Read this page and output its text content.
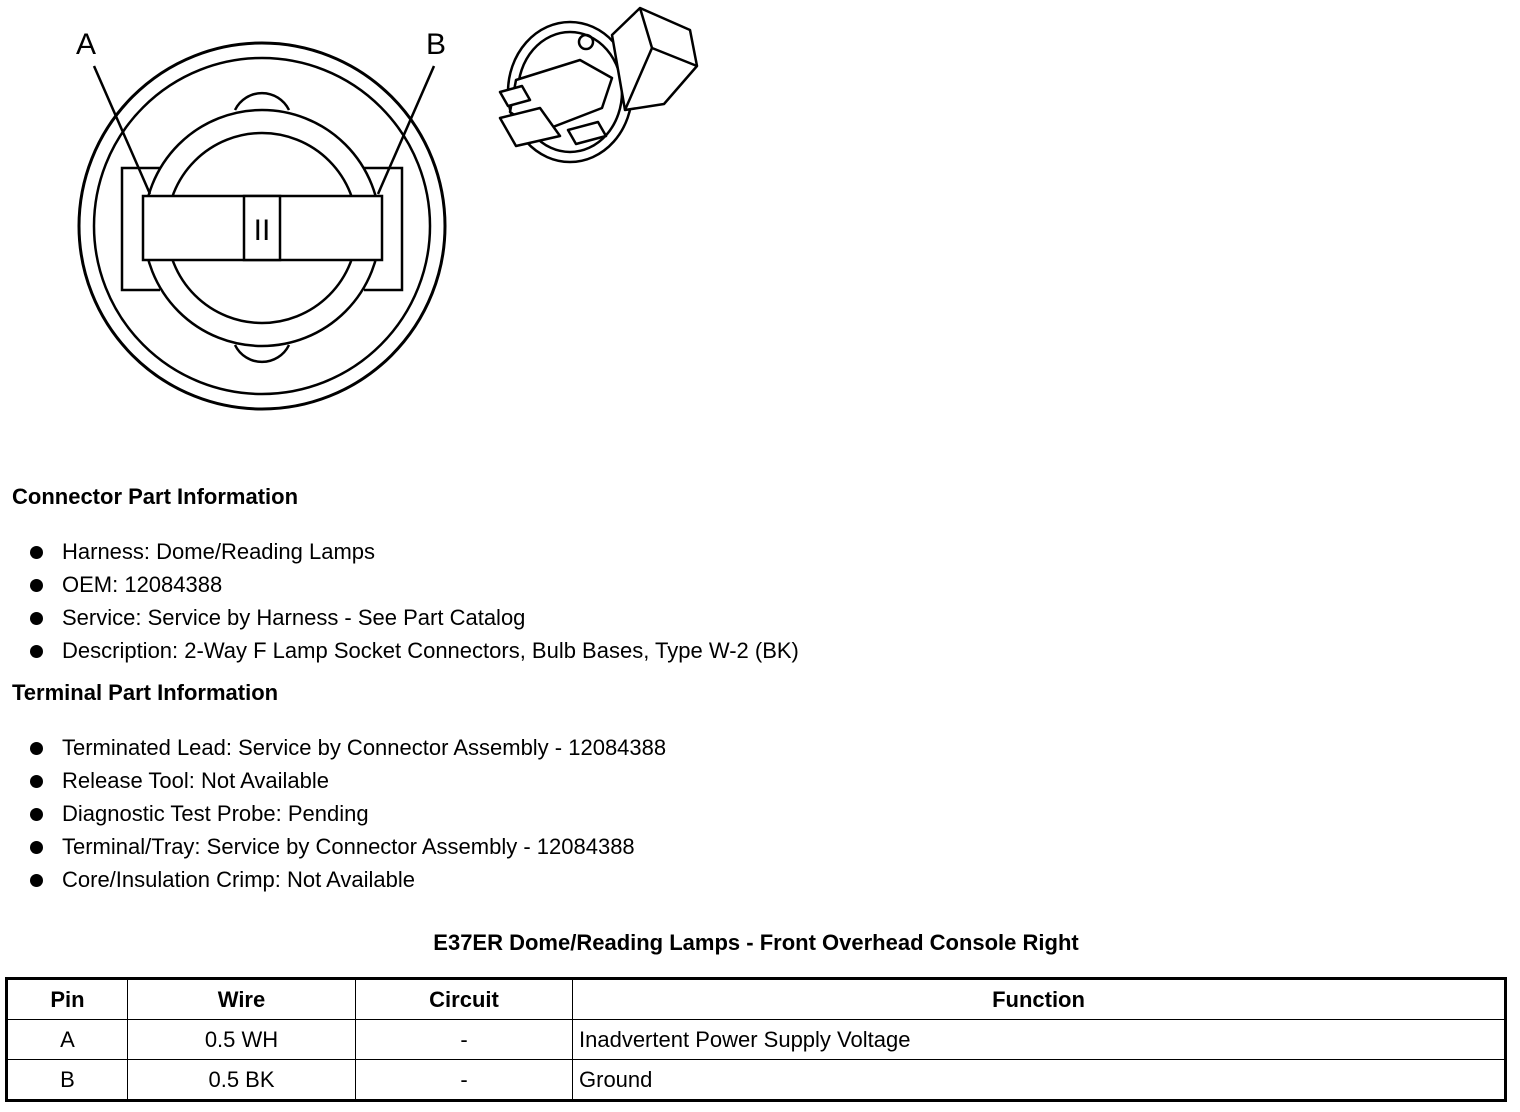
II
A	B
Connector Part Information
Harness: Dome/Reading Lamps
OEM: 12084388
Service: Service by Harness - See Part Catalog
Description: 2-Way F Lamp Socket Connectors, Bulb Bases, Type W-2 (BK)
Terminal Part Information
Terminated Lead: Service by Connector Assembly - 12084388
Release Tool: Not Available
Diagnostic Test Probe: Pending
Terminal/Tray: Service by Connector Assembly - 12084388
Core/Insulation Crimp: Not Available
E37ER Dome/Reading Lamps - Front Overhead Console Right
Pin	Wire	Circuit	Function
A	0.5 WH	-	Inadvertent Power Supply Voltage
B	0.5 BK	-	Ground
